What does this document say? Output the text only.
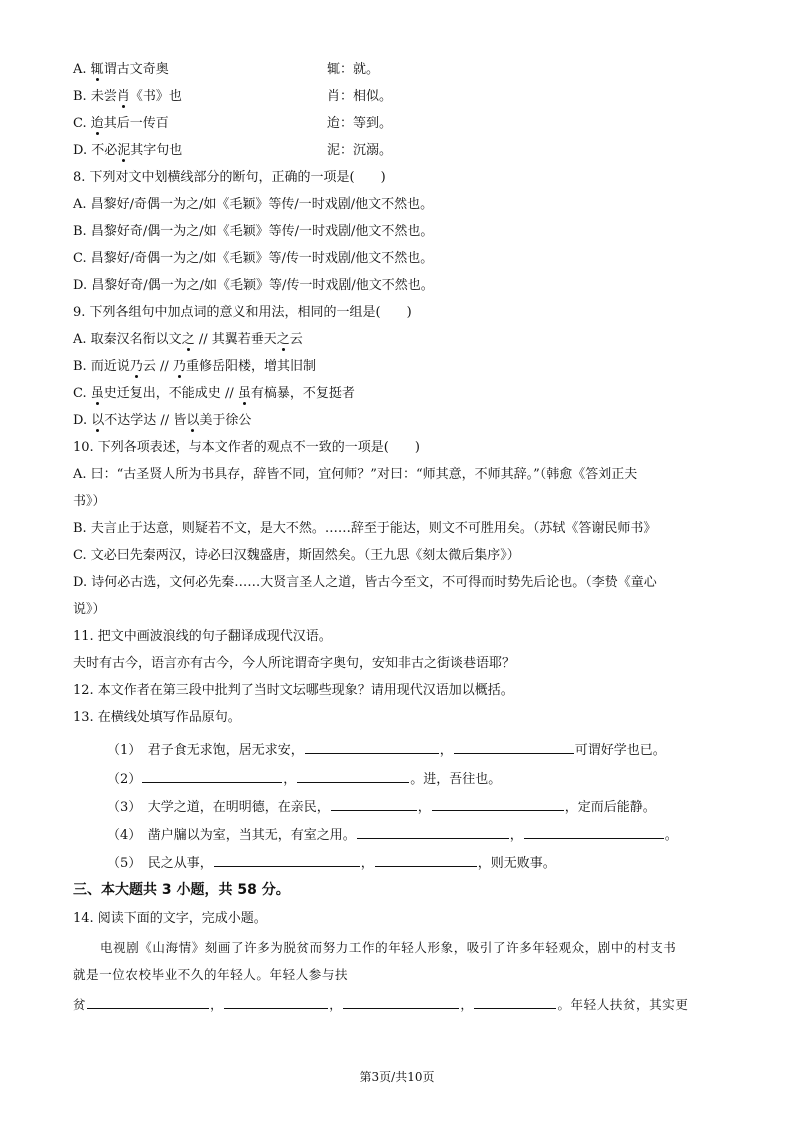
A. 辄谓古文奇奥	辄：就。
B. 未尝肖《书》也	肖：相似。
C. 迨其后一传百	迨：等到。
D. 不必泥其字句也	泥：沉溺。
8. 下列对文中划横线部分的断句，正确的一项是(　　)
A. 昌黎好/奇偶一为之/如《毛颖》等传/一时戏剧/他文不然也。
B. 昌黎好奇/偶一为之/如《毛颖》等传/一时戏剧/他文不然也。
C. 昌黎好/奇偶一为之/如《毛颖》等/传一时戏剧/他文不然也。
D. 昌黎好奇/偶一为之/如《毛颖》等/传一时戏剧/他文不然也。
9. 下列各组句中加点词的意义和用法，相同的一组是(　　)
A. 取秦汉名衔以文之 // 其翼若垂天之云
B. 而近说乃云 // 乃重修岳阳楼，增其旧制
C. 虽史迁复出，不能成史 // 虽有槁暴，不复挺者
D. 以不达学达 // 皆以美于徐公
10. 下列各项表述，与本文作者的观点不一致的一项是(　　)
A. 曰：“古圣贤人所为书具存，辞皆不同，宜何师？”对曰：“师其意，不师其辞。”（韩愈《答刘正夫
书》）
B. 夫言止于达意，则疑若不文，是大不然。……辞至于能达，则文不可胜用矣。（苏轼《答谢民师书》
C. 文必曰先秦两汉，诗必曰汉魏盛唐，斯固然矣。（王九思《刻太微后集序》）
D. 诗何必古选，文何必先秦……大贤言圣人之道，皆古今至文，不可得而时势先后论也。（李贽《童心
说》）
11. 把文中画波浪线的句子翻译成现代汉语。
夫时有古今，语言亦有古今，今人所诧谓奇字奥句，安知非古之街谈巷语耶？
12. 本文作者在第三段中批判了当时文坛哪些现象？请用现代汉语加以概括。
13. 在横线处填写作品原句。
（1）　君子食无求饱，居无求安，	，	可谓好学也已。
（2）	，	。进，吾往也。
（3）　大学之道，在明明德，在亲民，	，	，定而后能静。
（4）　凿户牖以为室，当其无，有室之用。	，	。
（5）　民之从事，	，	，则无败事。
三、本大题共 3 小题，共 58 分。
14. 阅读下面的文字，完成小题。
电视剧《山海情》刻画了许多为脱贫而努力工作的年轻人形象，吸引了许多年轻观众，剧中的村支书
就是一位农校毕业不久的年轻人。年轻人参与扶
贫	，	，	，	。年轻人扶贫，其实更
第3页/共10页
